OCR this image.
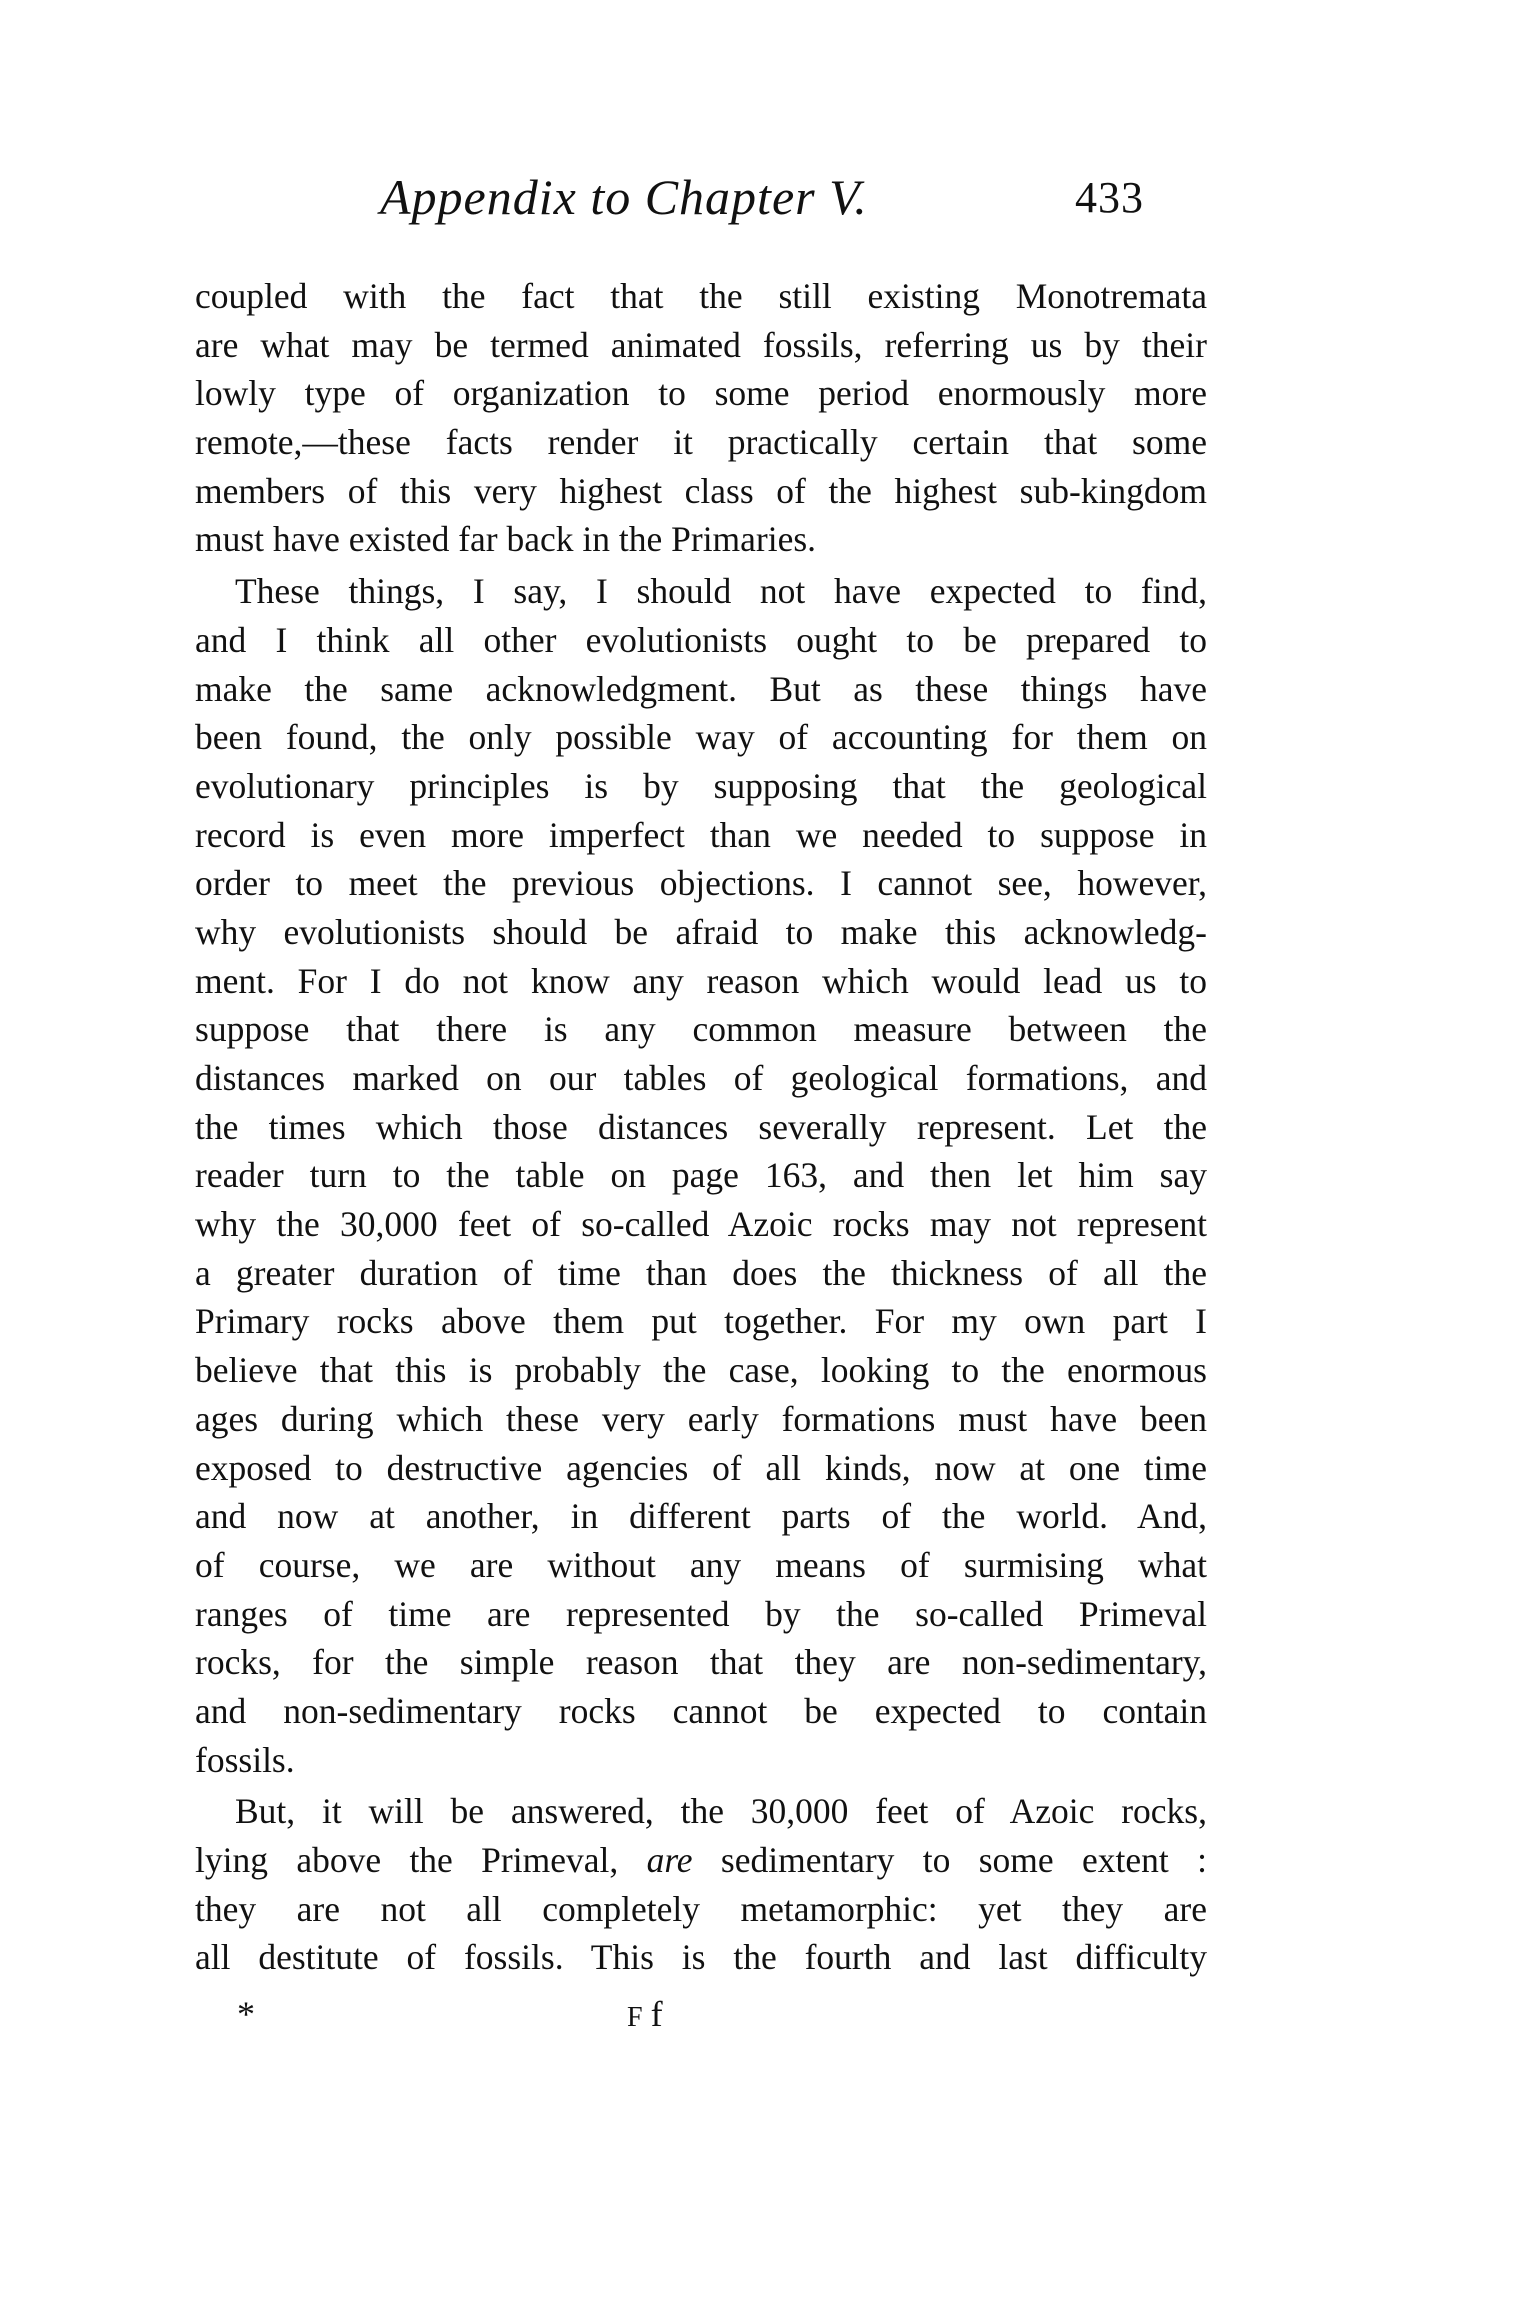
Appendix to Chapter V.	433
coupled with the fact that the still existing Monotremata
are what may be termed animated fossils, referring us by their
lowly type of organization to some period enormously more
remote,—these facts render it practically certain that some
members of this very highest class of the highest sub-kingdom
must have existed far back in the Primaries.
These things, I say, I should not have expected to find,
and I think all other evolutionists ought to be prepared to
make the same acknowledgment. But as these things have
been found, the only possible way of accounting for them on
evolutionary principles is by supposing that the geological
record is even more imperfect than we needed to suppose in
order to meet the previous objections. I cannot see, however,
why evolutionists should be afraid to make this acknowledg-
ment. For I do not know any reason which would lead us to
suppose that there is any common measure between the
distances marked on our tables of geological formations, and
the times which those distances severally represent. Let the
reader turn to the table on page 163, and then let him say
why the 30,000 feet of so-called Azoic rocks may not represent
a greater duration of time than does the thickness of all the
Primary rocks above them put together. For my own part I
believe that this is probably the case, looking to the enormous
ages during which these very early formations must have been
exposed to destructive agencies of all kinds, now at one time
and now at another, in different parts of the world. And,
of course, we are without any means of surmising what
ranges of time are represented by the so-called Primeval
rocks, for the simple reason that they are non-sedimentary,
and non-sedimentary rocks cannot be expected to contain
fossils.
But, it will be answered, the 30,000 feet of Azoic rocks,
lying above the Primeval, are sedimentary to some extent :
they are not all completely metamorphic: yet they are
all destitute of fossils. This is the fourth and last difficulty
*	Ff
